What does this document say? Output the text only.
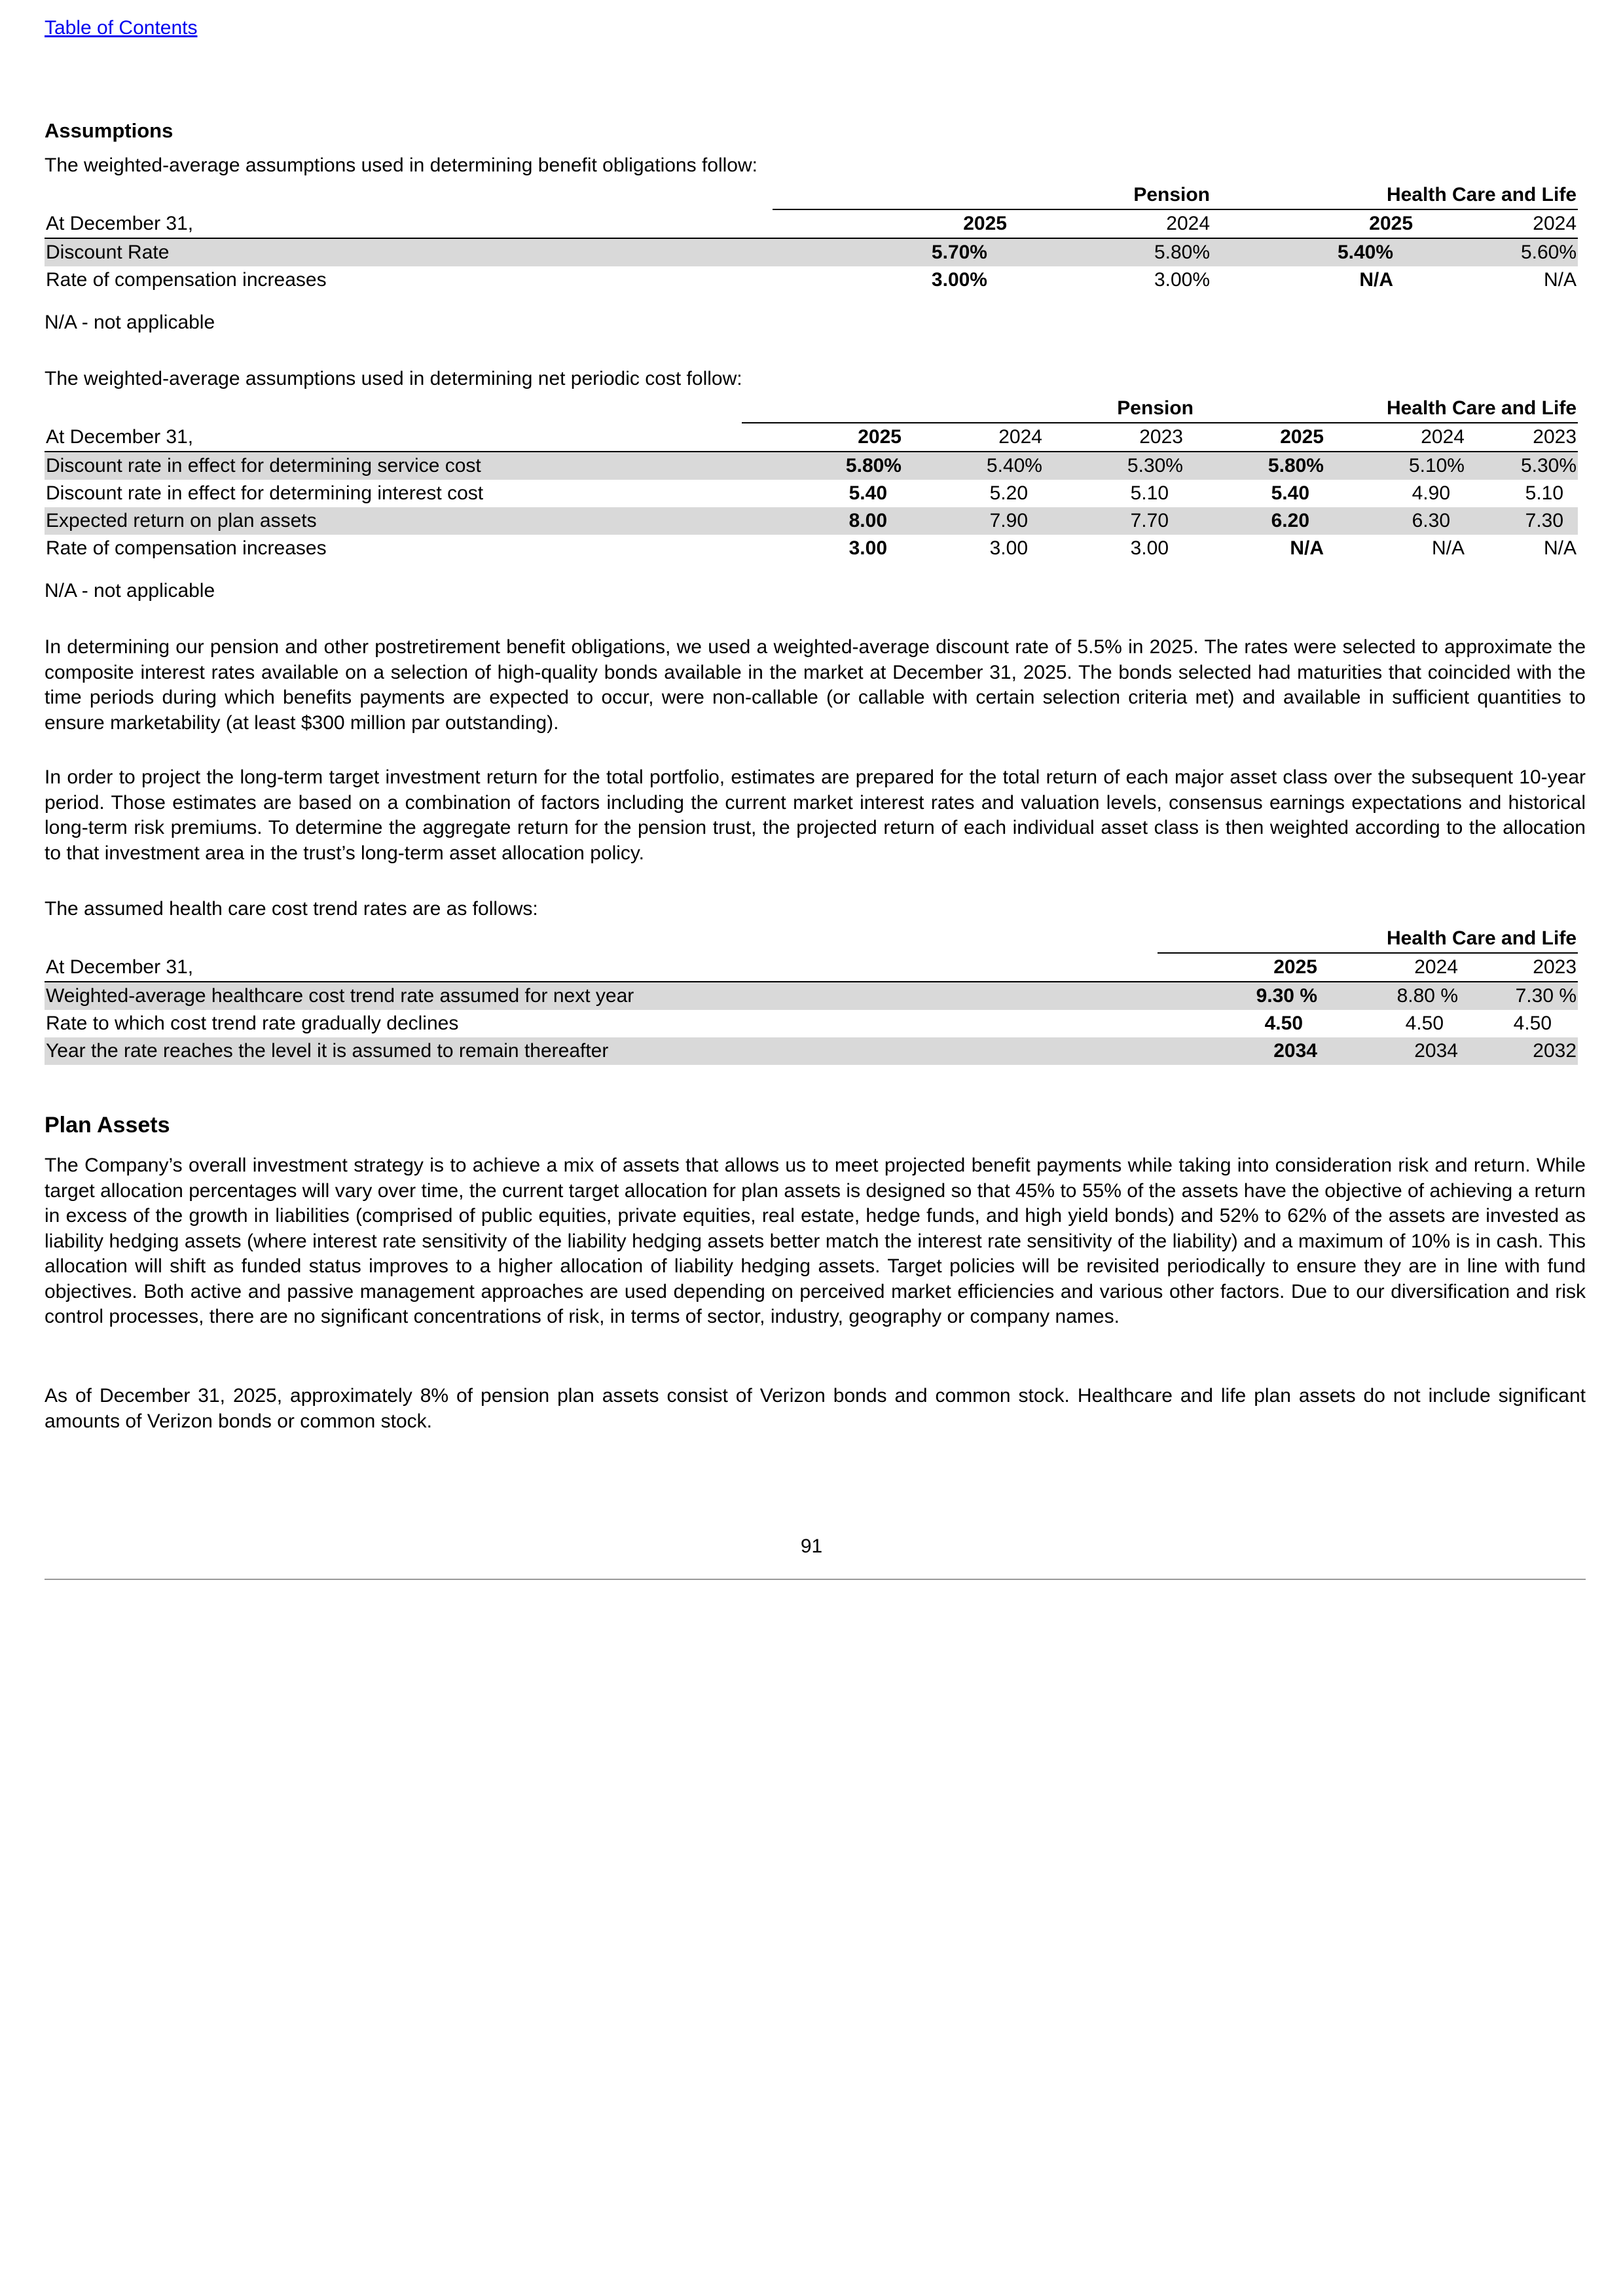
Table of Contents
Assumptions
The weighted-average assumptions used in determining benefit obligations follow:
	Pension		Health Care and Life	
At December 31,	2025	2024	2025	2024
Discount Rate	5.70%	5.80%	5.40%	5.60%
Rate of compensation increases	3.00%	3.00%	N/A	N/A
N/A - not applicable
The weighted-average assumptions used in determining net periodic cost follow:
	Pension			Health Care and Life		
At December 31,	2025	2024	2023	2025	2024	2023
Discount rate in effect for determining service cost	5.80%	5.40%	5.30%	5.80%	5.10%	5.30%
Discount rate in effect for determining interest cost	5.40	5.20	5.10	5.40	4.90	5.10
Expected return on plan assets	8.00	7.90	7.70	6.20	6.30	7.30
Rate of compensation increases	3.00	3.00	3.00	N/A	N/A	N/A
N/A - not applicable
In determining our pension and other postretirement benefit obligations, we used a weighted-average discount rate of 5.5% in 2025. The rates were selected to approximate the composite interest rates available on a selection of high-quality bonds available in the market at December 31, 2025. The bonds selected had maturities that coincided with the time periods during which benefits payments are expected to occur, were non-callable (or callable with certain selection criteria met) and available in sufficient quantities to ensure marketability (at least $300 million par outstanding).
In order to project the long-term target investment return for the total portfolio, estimates are prepared for the total return of each major asset class over the subsequent 10-year period. Those estimates are based on a combination of factors including the current market interest rates and valuation levels, consensus earnings expectations and historical long-term risk premiums. To determine the aggregate return for the pension trust, the projected return of each individual asset class is then weighted according to the allocation to that investment area in the trust’s long-term asset allocation policy.
The assumed health care cost trend rates are as follows:
	Health Care and Life		
At December 31,	2025	2024	2023
Weighted-average healthcare cost trend rate assumed for next year	9.30 %	8.80 %	7.30 %
Rate to which cost trend rate gradually declines	4.50	4.50	4.50
Year the rate reaches the level it is assumed to remain thereafter	2034	2034	2032
Plan Assets
The Company’s overall investment strategy is to achieve a mix of assets that allows us to meet projected benefit payments while taking into consideration risk and return. While target allocation percentages will vary over time, the current target allocation for plan assets is designed so that 45% to 55% of the assets have the objective of achieving a return in excess of the growth in liabilities (comprised of public equities, private equities, real estate, hedge funds, and high yield bonds) and 52% to 62% of the assets are invested as liability hedging assets (where interest rate sensitivity of the liability hedging assets better match the interest rate sensitivity of the liability) and a maximum of 10% is in cash. This allocation will shift as funded status improves to a higher allocation of liability hedging assets. Target policies will be revisited periodically to ensure they are in line with fund objectives. Both active and passive management approaches are used depending on perceived market efficiencies and various other factors. Due to our diversification and risk control processes, there are no significant concentrations of risk, in terms of sector, industry, geography or company names.
As of December 31, 2025, approximately 8% of pension plan assets consist of Verizon bonds and common stock. Healthcare and life plan assets do not include significant amounts of Verizon bonds or common stock.
91
